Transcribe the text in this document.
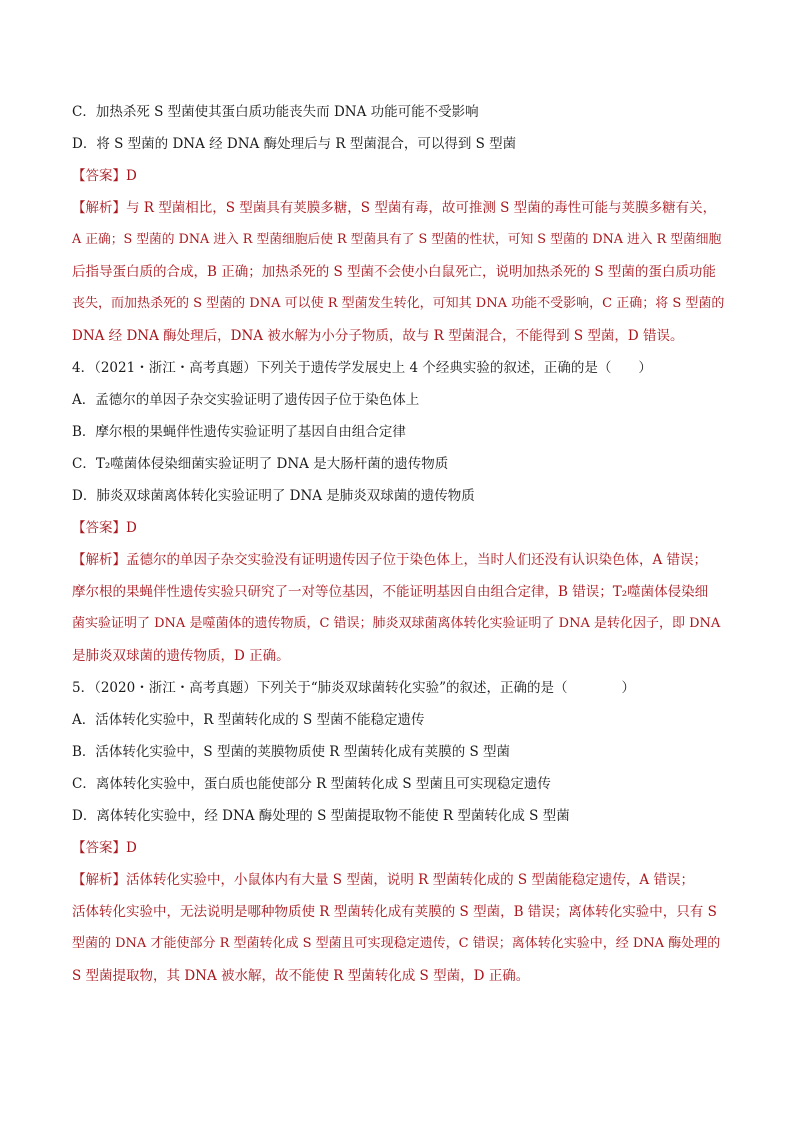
C．加热杀死 S 型菌使其蛋白质功能丧失而 DNA 功能可能不受影响
D．将 S 型菌的 DNA 经 DNA 酶处理后与 R 型菌混合，可以得到 S 型菌
【答案】D
【解析】与 R 型菌相比，S 型菌具有荚膜多糖，S 型菌有毒，故可推测 S 型菌的毒性可能与荚膜多糖有关，
A 正确；S 型菌的 DNA 进入 R 型菌细胞后使 R 型菌具有了 S 型菌的性状，可知 S 型菌的 DNA 进入 R 型菌细胞
后指导蛋白质的合成，B 正确；加热杀死的 S 型菌不会使小白鼠死亡，说明加热杀死的 S 型菌的蛋白质功能
丧失，而加热杀死的 S 型菌的 DNA 可以使 R 型菌发生转化，可知其 DNA 功能不受影响，C 正确；将 S 型菌的
DNA 经 DNA 酶处理后，DNA 被水解为小分子物质，故与 R 型菌混合，不能得到 S 型菌，D 错误。
4．（2021・浙江・高考真题）下列关于遗传学发展史上 4 个经典实验的叙述，正确的是（　　）
A．孟德尔的单因子杂交实验证明了遗传因子位于染色体上
B．摩尔根的果蝇伴性遗传实验证明了基因自由组合定律
C．T₂噬菌体侵染细菌实验证明了 DNA 是大肠杆菌的遗传物质
D．肺炎双球菌离体转化实验证明了 DNA 是肺炎双球菌的遗传物质
【答案】D
【解析】孟德尔的单因子杂交实验没有证明遗传因子位于染色体上，当时人们还没有认识染色体，A 错误；
摩尔根的果蝇伴性遗传实验只研究了一对等位基因，不能证明基因自由组合定律，B 错误；T₂噬菌体侵染细
菌实验证明了 DNA 是噬菌体的遗传物质，C 错误；肺炎双球菌离体转化实验证明了 DNA 是转化因子，即 DNA
是肺炎双球菌的遗传物质，D 正确。
5．（2020・浙江・高考真题）下列关于“肺炎双球菌转化实验”的叙述，正确的是（　　　　）
A．活体转化实验中，R 型菌转化成的 S 型菌不能稳定遗传
B．活体转化实验中，S 型菌的荚膜物质使 R 型菌转化成有荚膜的 S 型菌
C．离体转化实验中，蛋白质也能使部分 R 型菌转化成 S 型菌且可实现稳定遗传
D．离体转化实验中，经 DNA 酶处理的 S 型菌提取物不能使 R 型菌转化成 S 型菌
【答案】D
【解析】活体转化实验中，小鼠体内有大量 S 型菌，说明 R 型菌转化成的 S 型菌能稳定遗传，A 错误；
活体转化实验中，无法说明是哪种物质使 R 型菌转化成有荚膜的 S 型菌，B 错误；离体转化实验中，只有 S
型菌的 DNA 才能使部分 R 型菌转化成 S 型菌且可实现稳定遗传，C 错误；离体转化实验中，经 DNA 酶处理的
S 型菌提取物，其 DNA 被水解，故不能使 R 型菌转化成 S 型菌，D 正确。
